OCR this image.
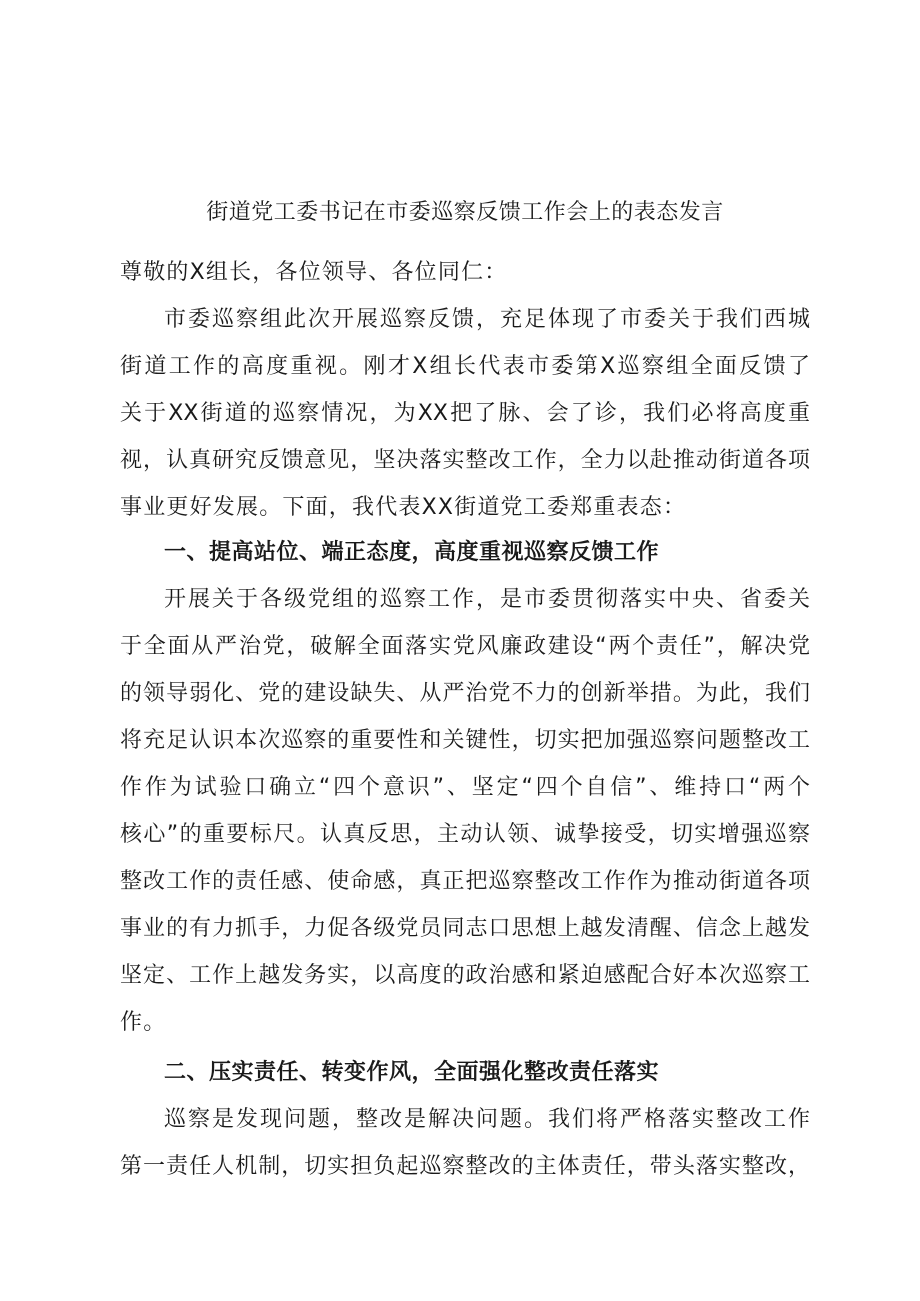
街道党工委书记在市委巡察反馈工作会上的表态发言
尊敬的X组长，各位领导、各位同仁：
市委巡察组此次开展巡察反馈，充足体现了市委关于我们西城
街道工作的高度重视。刚才X组长代表市委第X巡察组全面反馈了
关于XX街道的巡察情况，为XX把了脉、会了诊，我们必将高度重
视，认真研究反馈意见，坚决落实整改工作，全力以赴推动街道各项
事业更好发展。下面，我代表XX街道党工委郑重表态：
一、提高站位、端正态度，高度重视巡察反馈工作
开展关于各级党组的巡察工作，是市委贯彻落实中央、省委关
于全面从严治党，破解全面落实党风廉政建设“两个责任”，解决党
的领导弱化、党的建设缺失、从严治党不力的创新举措。为此，我们
将充足认识本次巡察的重要性和关键性，切实把加强巡察问题整改工
作作为试验口确立“四个意识”、坚定“四个自信”、维持口“两个
核心”的重要标尺。认真反思，主动认领、诚挚接受，切实增强巡察
整改工作的责任感、使命感，真正把巡察整改工作作为推动街道各项
事业的有力抓手，力促各级党员同志口思想上越发清醒、信念上越发
坚定、工作上越发务实，以高度的政治感和紧迫感配合好本次巡察工
作。
二、压实责任、转变作风，全面强化整改责任落实
巡察是发现问题，整改是解决问题。我们将严格落实整改工作
第一责任人机制，切实担负起巡察整改的主体责任，带头落实整改，
